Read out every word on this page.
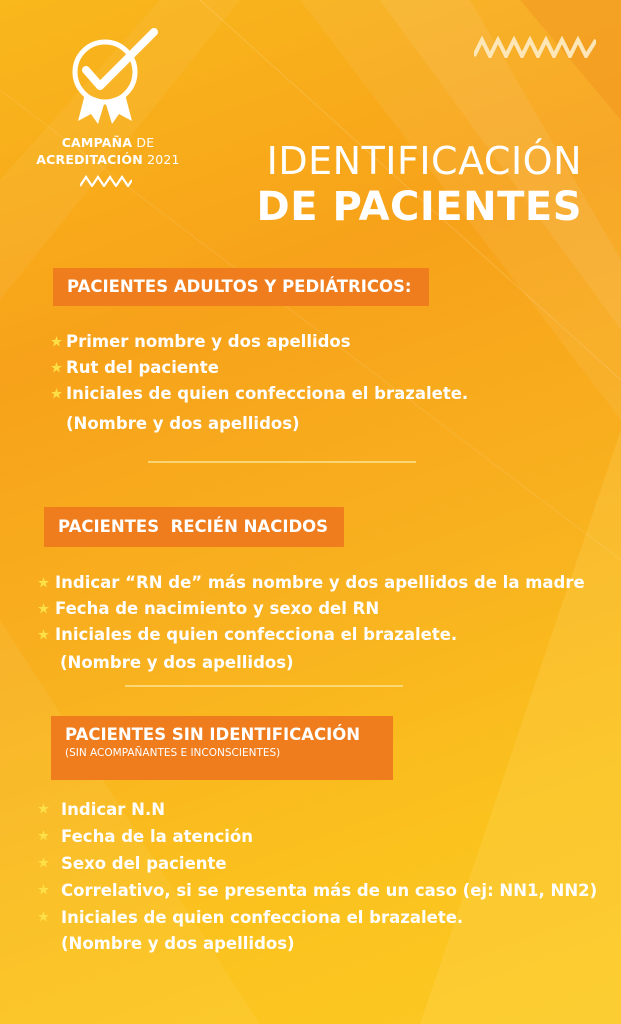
CAMPAÑA DE
ACREDITACIÓN 2021	IDENTIFICACIÓN
DE PACIENTES
PACIENTES ADULTOS Y PEDIÁTRICOS:
Primer nombre y dos apellidos
Rut del paciente
Iniciales de quien confecciona el brazalete.
(Nombre y dos apellidos)
PACIENTES  RECIÉN NACIDOS
Indicar “RN de” más nombre y dos apellidos de la madre
Fecha de nacimiento y sexo del RN
Iniciales de quien confecciona el brazalete.
(Nombre y dos apellidos)
PACIENTES SIN IDENTIFICACIÓN
(SIN ACOMPAÑANTES E INCONSCIENTES)
Indicar N.N
Fecha de la atención
Sexo del paciente
Correlativo, si se presenta más de un caso (ej: NN1, NN2)
Iniciales de quien confecciona el brazalete.
(Nombre y dos apellidos)
